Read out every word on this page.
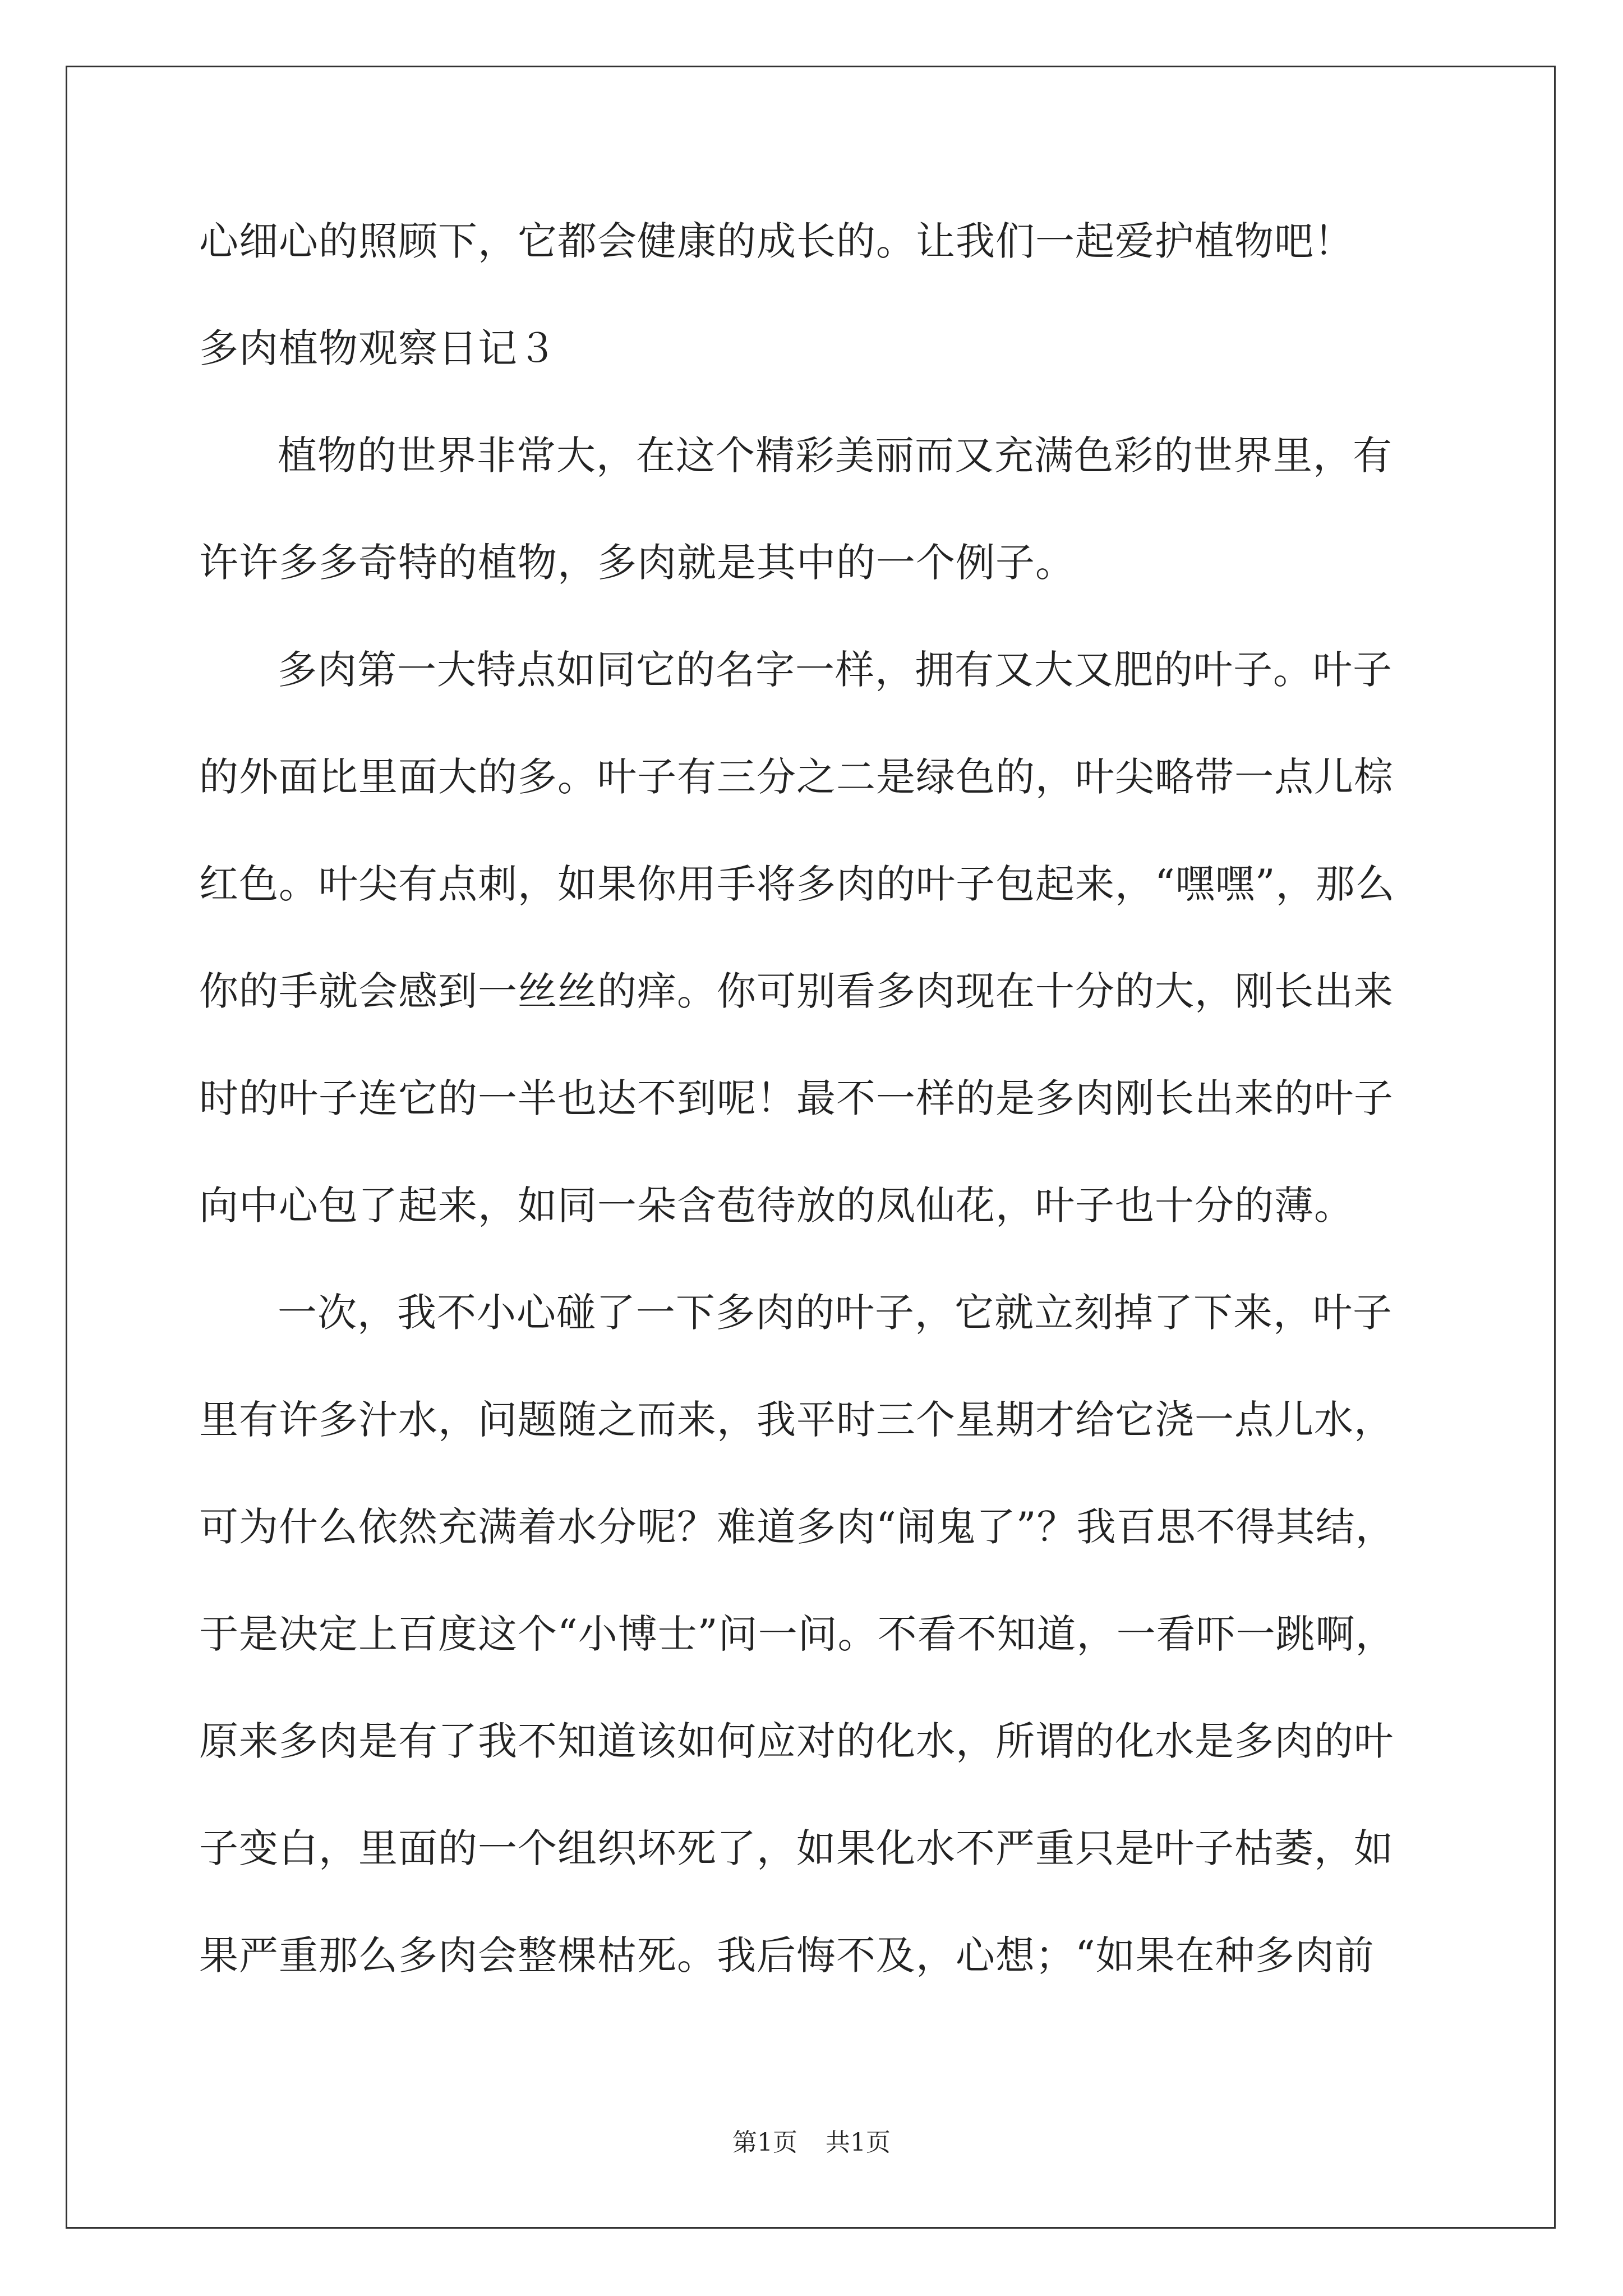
心细心的照顾下，它都会健康的成长的。让我们一起爱护植物吧！
多肉植物观察日记３
植物的世界非常大，在这个精彩美丽而又充满色彩的世界里，有
许许多多奇特的植物，多肉就是其中的一个例子。
多肉第一大特点如同它的名字一样，拥有又大又肥的叶子。叶子
的外面比里面大的多。叶子有三分之二是绿色的，叶尖略带一点儿棕
红色。叶尖有点刺，如果你用手将多肉的叶子包起来，“嘿嘿”，那么
你的手就会感到一丝丝的痒。你可别看多肉现在十分的大，刚长出来
时的叶子连它的一半也达不到呢！最不一样的是多肉刚长出来的叶子
向中心包了起来，如同一朵含苞待放的凤仙花，叶子也十分的薄。
一次，我不小心碰了一下多肉的叶子，它就立刻掉了下来，叶子
里有许多汁水，问题随之而来，我平时三个星期才给它浇一点儿水，
可为什么依然充满着水分呢？难道多肉“闹鬼了”？我百思不得其结，
于是决定上百度这个“小博士”问一问。不看不知道，一看吓一跳啊，
原来多肉是有了我不知道该如何应对的化水，所谓的化水是多肉的叶
子变白，里面的一个组织坏死了，如果化水不严重只是叶子枯萎，如
果严重那么多肉会整棵枯死。我后悔不及，心想；“如果在种多肉前
第1页 共1页
